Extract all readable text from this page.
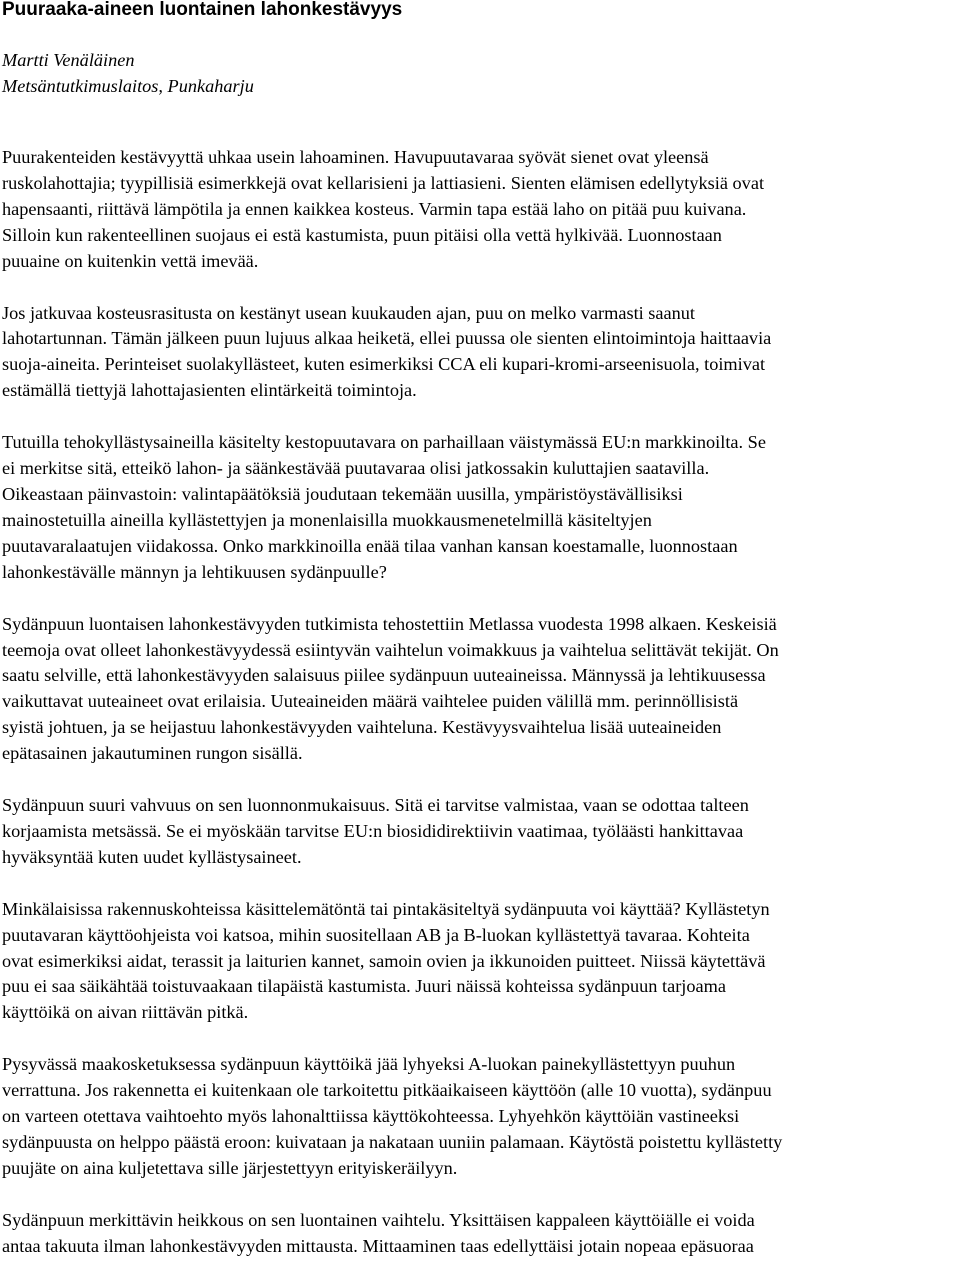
Puuraaka-aineen luontainen lahonkestävyys

Martti Venäläinen

Metsäntutkimuslaitos, Punkaharju

Puurakenteiden kestävyyttä uhkaa usein lahoaminen. Havupuutavaraa syövät sienet ovat yleensä
ruskolahottajia; tyypillisiä esimerkkejä ovat kellarisieni ja lattiasieni. Sienten elämisen edellytyksiä ovat
hapensaanti, riittävä lämpötila ja ennen kaikkea kosteus. Varmin tapa estää laho on pitää puu kuivana.
Silloin kun rakenteellinen suojaus ei estä kastumista, puun pitäisi olla vettä hylkivää. Luonnostaan
puuaine on kuitenkin vettä imevää.

Jos jatkuvaa kosteusrasitusta on kestänyt usean kuukauden ajan, puu on melko varmasti saanut
lahotartunnan. Tämän jälkeen puun lujuus alkaa heiketä, ellei puussa ole sienten elintoimintoja haittaavia
suoja-aineita. Perinteiset suolakyllästeet, kuten esimerkiksi CCA eli kupari-kromi-arseenisuola, toimivat
estämällä tiettyjä lahottajasienten elintärkeitä toimintoja.

Tutuilla tehokyllästysaineilla käsitelty kestopuutavara on parhaillaan väistymässä EU:n markkinoilta. Se
ei merkitse sitä, etteikö lahon- ja säänkestävää puutavaraa olisi jatkossakin kuluttajien saatavilla.
Oikeastaan päinvastoin: valintapäätöksiä joudutaan tekemään uusilla, ympäristöystävällisiksi
mainostetuilla aineilla kyllästettyjen ja monenlaisilla muokkausmenetelmillä käsiteltyjen
puutavaralaatujen viidakossa. Onko markkinoilla enää tilaa vanhan kansan koestamalle, luonnostaan
lahonkestävälle männyn ja lehtikuusen sydänpuulle?

Sydänpuun luontaisen lahonkestävyyden tutkimista tehostettiin Metlassa vuodesta 1998 alkaen. Keskeisiä
teemoja ovat olleet lahonkestävyydessä esiintyvän vaihtelun voimakkuus ja vaihtelua selittävät tekijät. On
saatu selville, että lahonkestävyyden salaisuus piilee sydänpuun uuteaineissa. Männyssä ja lehtikuusessa
vaikuttavat uuteaineet ovat erilaisia. Uuteaineiden määrä vaihtelee puiden välillä mm. perinnöllisistä
syistä johtuen, ja se heijastuu lahonkestävyyden vaihteluna. Kestävyysvaihtelua lisää uuteaineiden
epätasainen jakautuminen rungon sisällä.

Sydänpuun suuri vahvuus on sen luonnonmukaisuus. Sitä ei tarvitse valmistaa, vaan se odottaa talteen
korjaamista metsässä. Se ei myöskään tarvitse EU:n biosididirektiivin vaatimaa, työläästi hankittavaa
hyväksyntää kuten uudet kyllästysaineet.

Minkälaisissa rakennuskohteissa käsittelemätöntä tai pintakäsiteltyä sydänpuuta voi käyttää? Kyllästetyn
puutavaran käyttöohjeista voi katsoa, mihin suositellaan AB ja B-luokan kyllästettyä tavaraa. Kohteita
ovat esimerkiksi aidat, terassit ja laiturien kannet, samoin ovien ja ikkunoiden puitteet. Niissä käytettävä
puu ei saa säikähtää toistuvaakaan tilapäistä kastumista. Juuri näissä kohteissa sydänpuun tarjoama
käyttöikä on aivan riittävän pitkä.

Pysyvässä maakosketuksessa sydänpuun käyttöikä jää lyhyeksi A-luokan painekyllästettyyn puuhun
verrattuna. Jos rakennetta ei kuitenkaan ole tarkoitettu pitkäaikaiseen käyttöön (alle 10 vuotta), sydänpuu
on varteen otettava vaihtoehto myös lahonalttiissa käyttökohteessa. Lyhyehkön käyttöiän vastineeksi
sydänpuusta on helppo päästä eroon: kuivataan ja nakataan uuniin palamaan. Käytöstä poistettu kyllästetty
puujäte on aina kuljetettava sille järjestettyyn erityiskeräilyyn.

Sydänpuun merkittävin heikkous on sen luontainen vaihtelu. Yksittäisen kappaleen käyttöiälle ei voida
antaa takuuta ilman lahonkestävyyden mittausta. Mittaaminen taas edellyttäisi jotain nopeaa epäsuoraa
